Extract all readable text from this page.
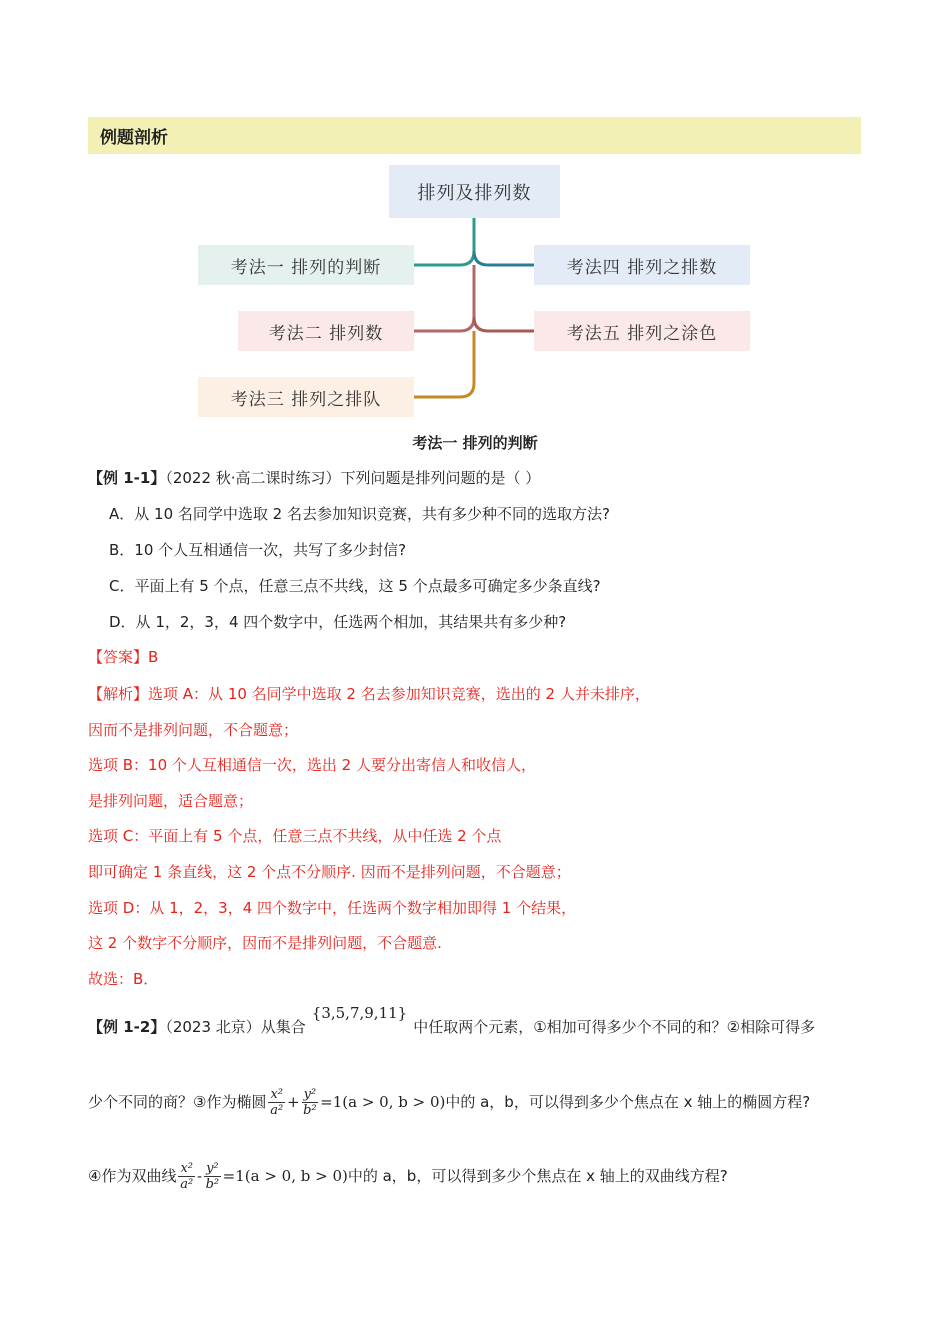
例题剖析
排列及排列数
考法一 排列的判断
考法二 排列数
考法三 排列之排队
考法四 排列之排数
考法五 排列之涂色
考法一 排列的判断
【例 1-1】（2022 秋·高二课时练习）下列问题是排列问题的是（ ）
A．从 10 名同学中选取 2 名去参加知识竞赛，共有多少种不同的选取方法?
B．10 个人互相通信一次，共写了多少封信?
C．平面上有 5 个点，任意三点不共线，这 5 个点最多可确定多少条直线?
D．从 1，2，3，4 四个数字中，任选两个相加，其结果共有多少种?
【答案】B
【解析】选项 A：从 10 名同学中选取 2 名去参加知识竞赛，选出的 2 人并未排序，
因而不是排列问题，不合题意；
选项 B：10 个人互相通信一次，选出 2 人要分出寄信人和收信人，
是排列问题，适合题意；
选项 C：平面上有 5 个点，任意三点不共线，从中任选 2 个点
即可确定 1 条直线，这 2 个点不分顺序. 因而不是排列问题，不合题意；
选项 D：从 1，2，3，4 四个数字中，任选两个数字相加即得 1 个结果，
这 2 个数字不分顺序，因而不是排列问题，不合题意.
故选：B．
【例 1-2】（2023 北京）从集合{3,5,7,9,11}中任取两个元素，①相加可得多少个不同的和？②相除可得多
少个不同的商？③作为椭圆 $\frac{\text{x²}}{\text{a²}} + \frac{\text{y²}}{\text{b²}} =1(a > 0$, b > 0)中的 a，b，可以得到多少个焦点在 x 轴上的椭圆方程?
④作为双曲线 $\frac{\text{x²}}{\text{a²}} - \frac{\text{y²}}{\text{b²}} =1(a > 0$, b > 0)中的 a，b，可以得到多少个焦点在 x 轴上的双曲线方程?
